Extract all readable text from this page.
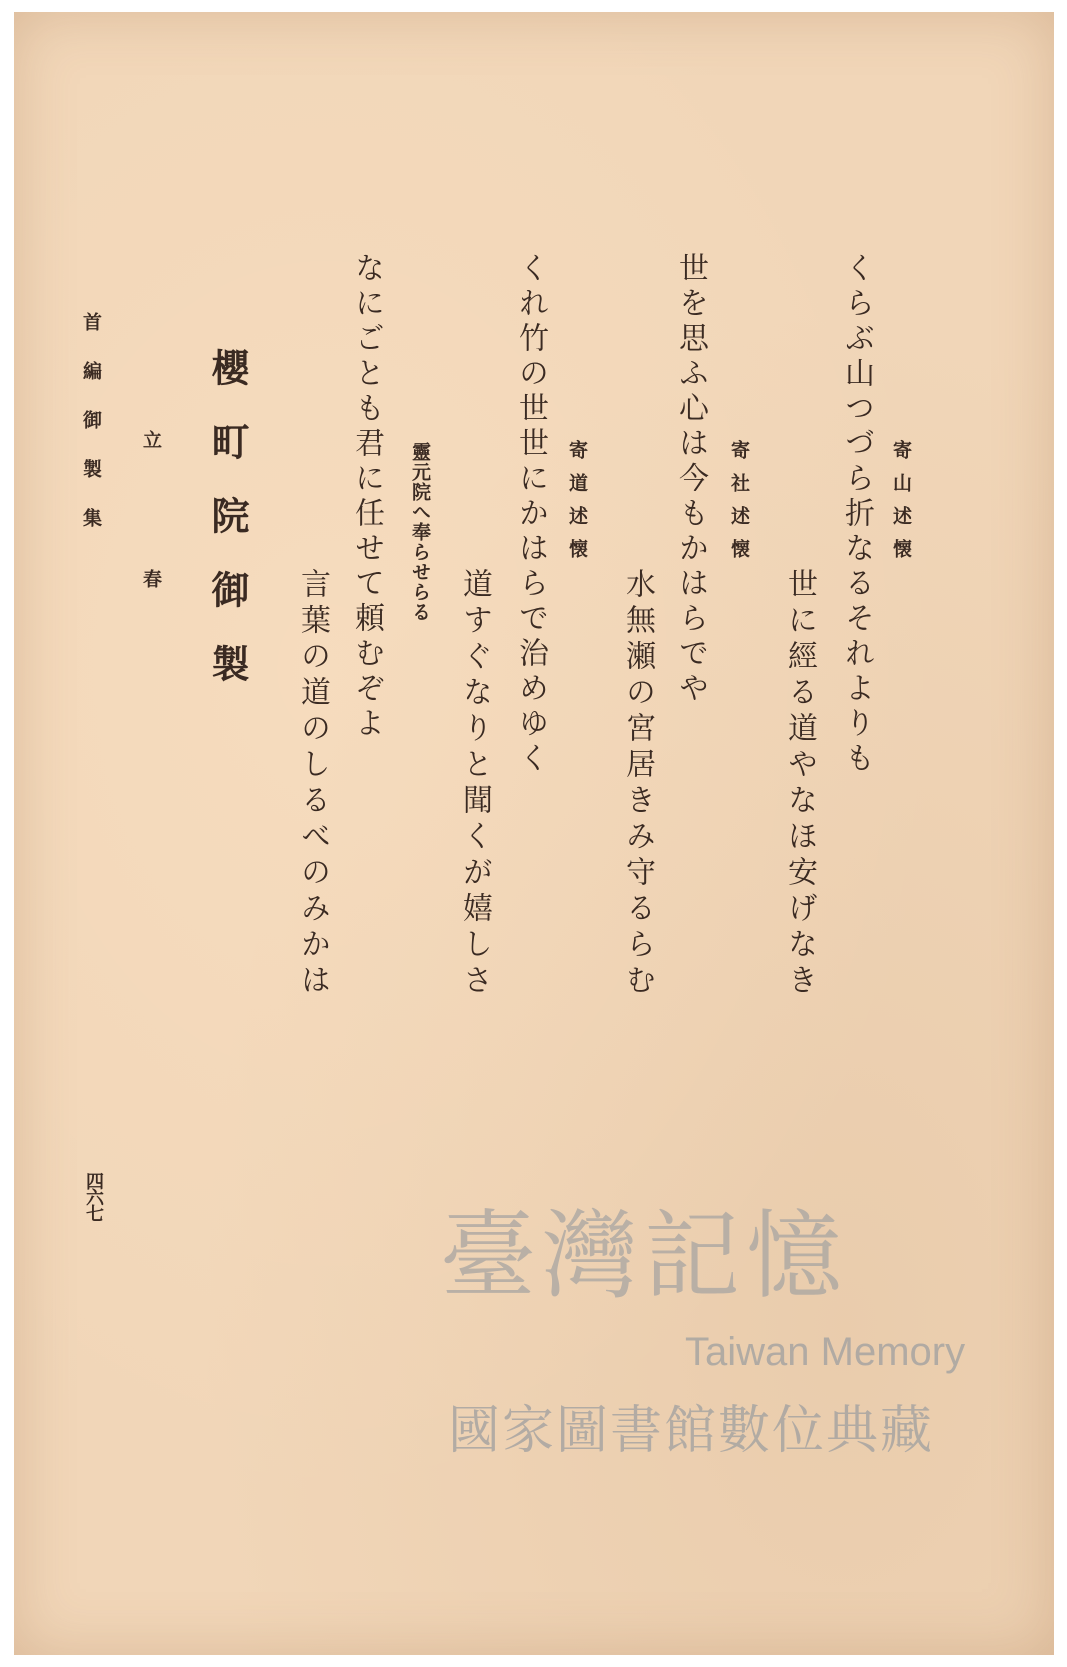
寄山述懐
くらぶ山つづら折なるそれよりも
世に經る道やなほ安げなき
寄社述懐
世を思ふ心は今もかはらでや
水無瀬の宮居きみ守るらむ
寄道述懐
くれ竹の世世にかはらで治めゆく
道すぐなりと聞くが嬉しさ
靈元院へ奉らせらる
なにごとも君に任せて頼むぞよ
言葉の道のしるべのみかは
櫻町院御製
立春
首編御製集
四六七
臺灣記憶
Taiwan Memory
國家圖書館數位典藏
